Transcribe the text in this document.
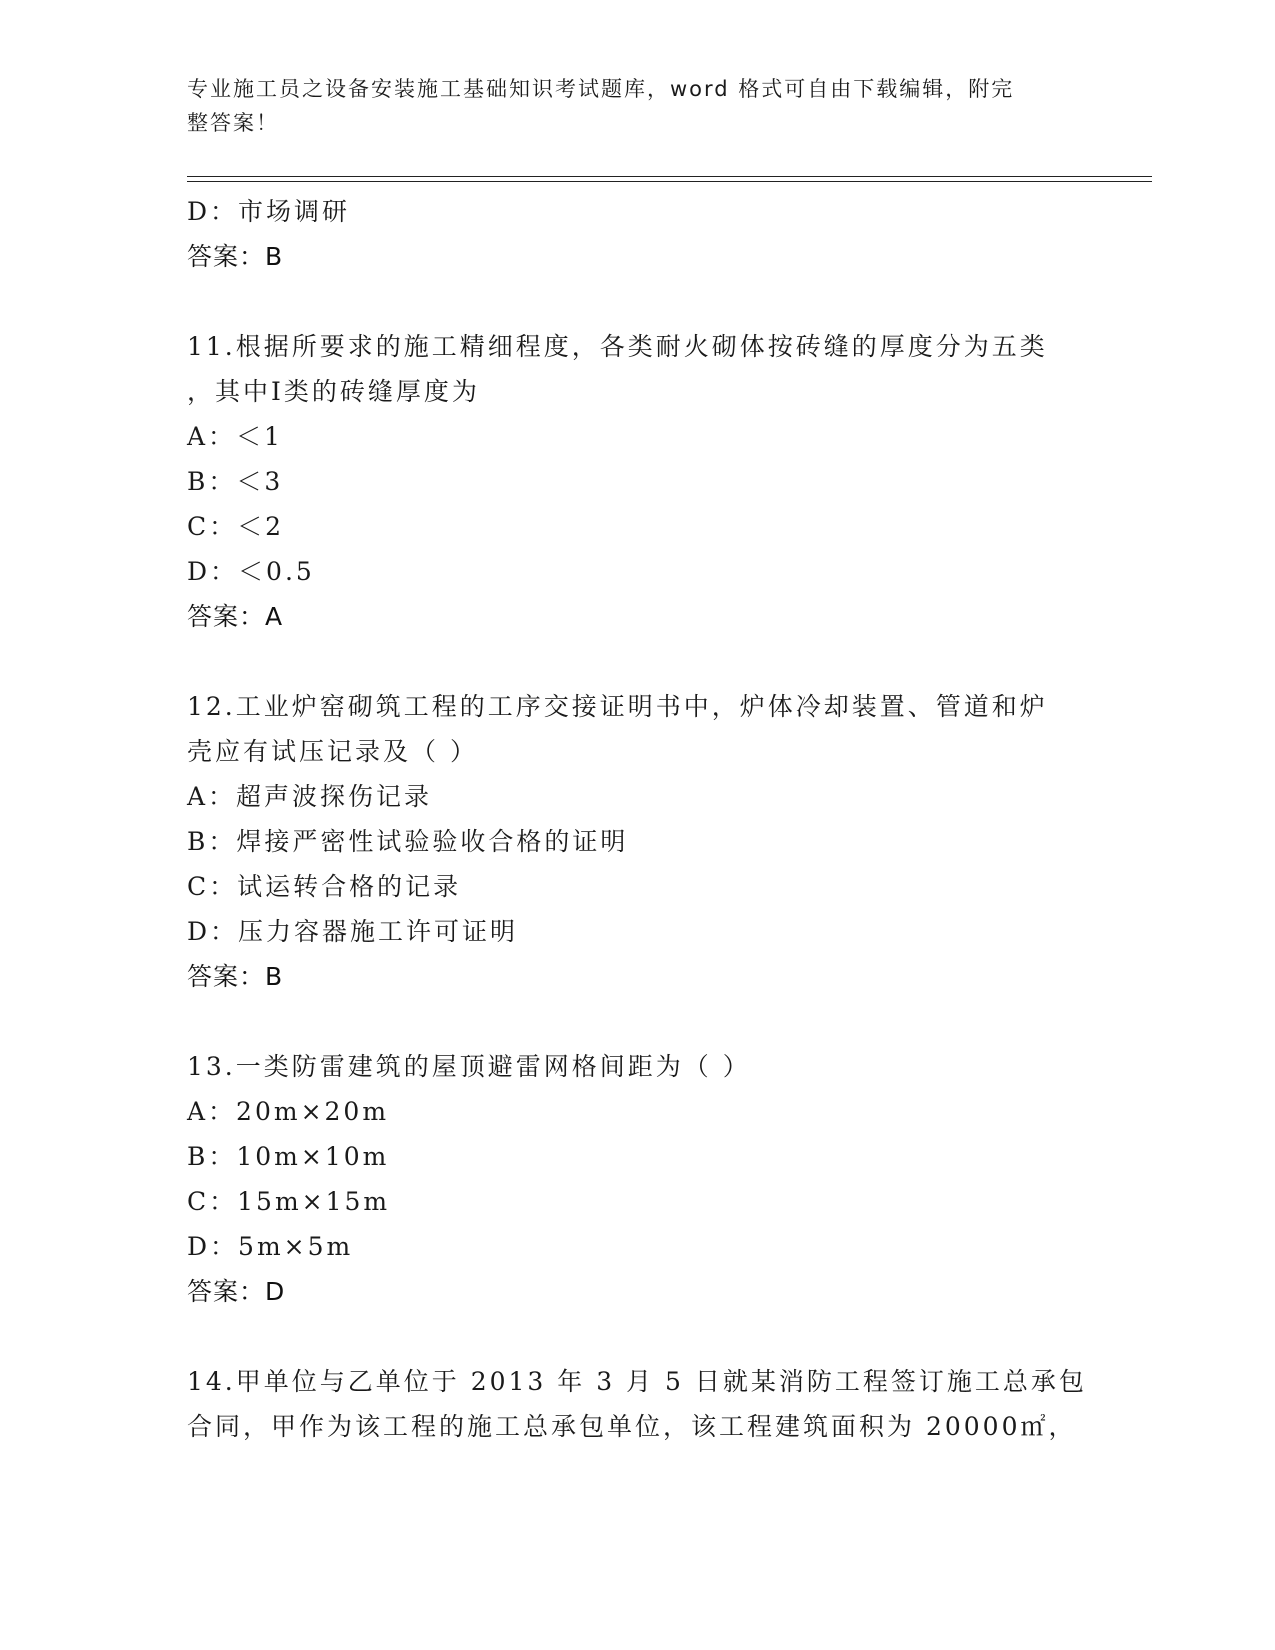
专业施工员之设备安装施工基础知识考试题库，word 格式可自由下载编辑，附完
整答案！
D：市场调研
答案：B
11.根据所要求的施工精细程度，各类耐火砌体按砖缝的厚度分为五类
，其中Ⅰ类的砖缝厚度为
A：＜1
B：＜3
C：＜2
D：＜0.5
答案：A
12.工业炉窑砌筑工程的工序交接证明书中，炉体冷却装置、管道和炉
壳应有试压记录及（ ）
A：超声波探伤记录
B：焊接严密性试验验收合格的证明
C：试运转合格的记录
D：压力容器施工许可证明
答案：B
13.一类防雷建筑的屋顶避雷网格间距为（ ）
A：20m×20m
B：10m×10m
C：15m×15m
D：5m×5m
答案：D
14.甲单位与乙单位于 2013 年 3 月 5 日就某消防工程签订施工总承包
合同，甲作为该工程的施工总承包单位，该工程建筑面积为 20000㎡，
